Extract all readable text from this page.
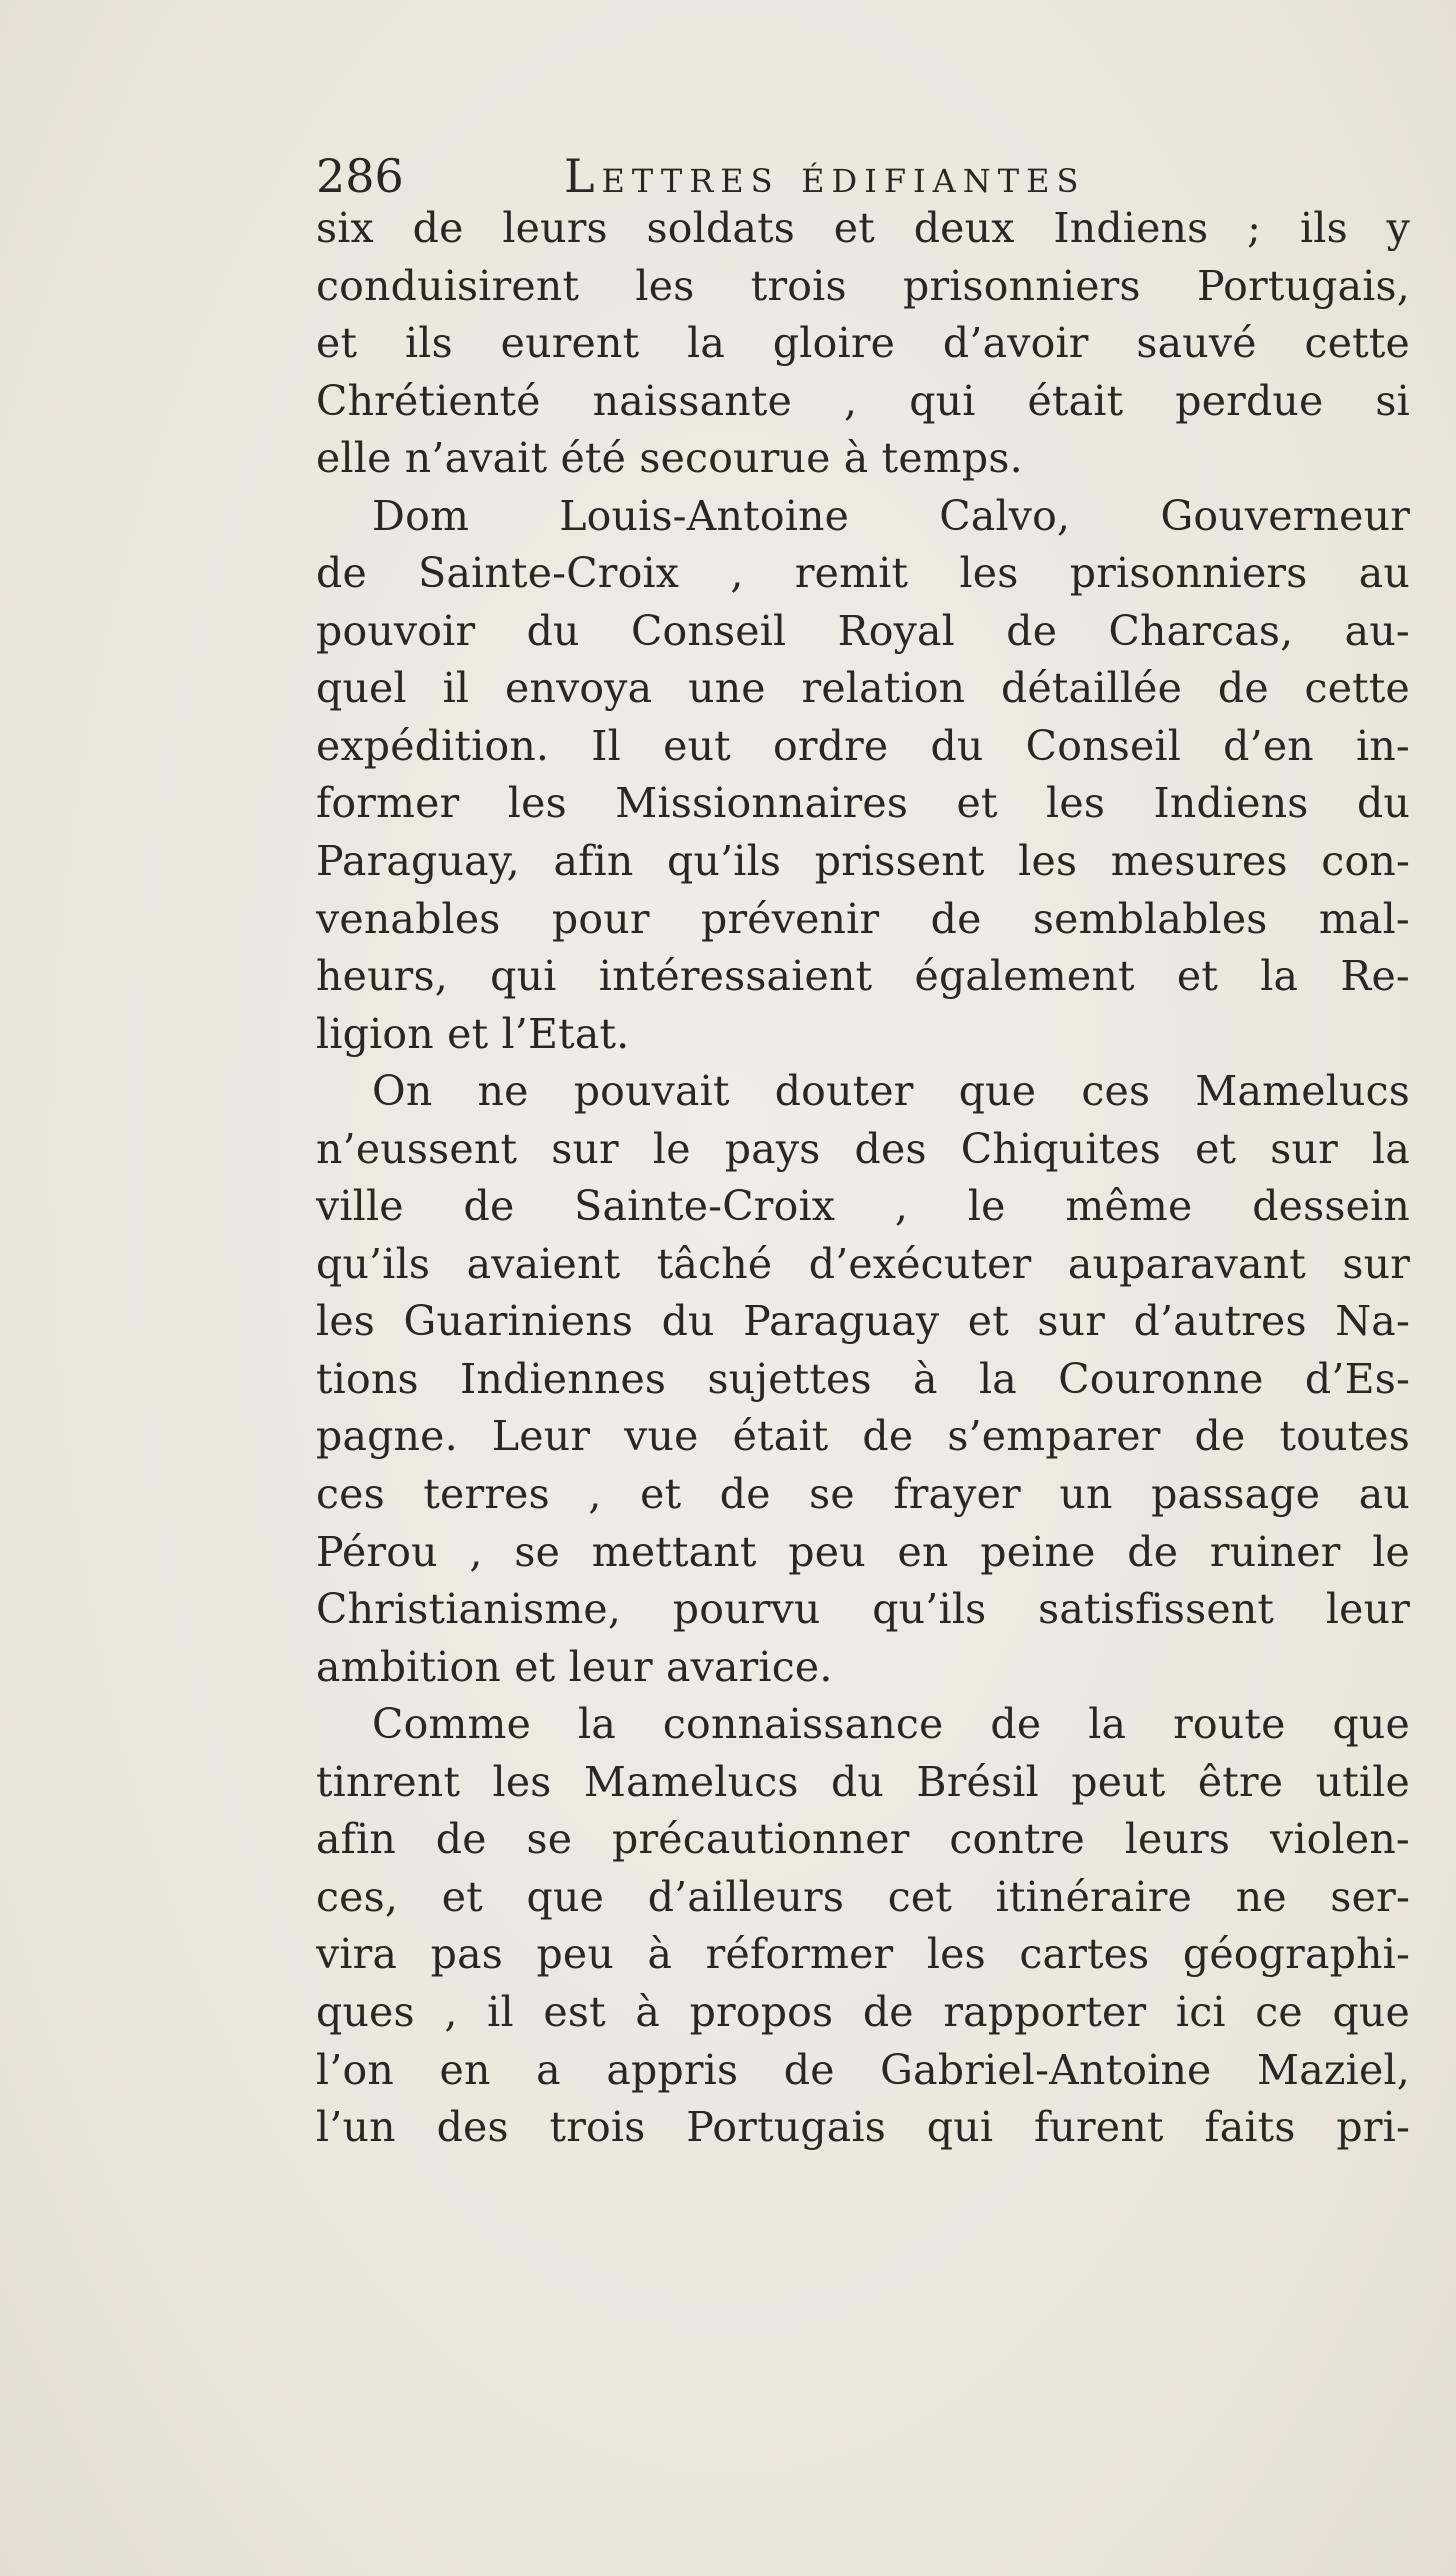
286	Lettres édifiantes
six de leurs soldats et deux Indiens ; ils y
conduisirent les trois prisonniers Portugais,
et ils eurent la gloire d’avoir sauvé cette
Chrétienté naissante , qui était perdue si
elle n’avait été secourue à temps.
Dom Louis-Antoine Calvo, Gouverneur
de Sainte-Croix , remit les prisonniers au
pouvoir du Conseil Royal de Charcas, au-
quel il envoya une relation détaillée de cette
expédition. Il eut ordre du Conseil d’en in-
former les Missionnaires et les Indiens du
Paraguay, afin qu’ils prissent les mesures con-
venables pour prévenir de semblables mal-
heurs, qui intéressaient également et la Re-
ligion et l’Etat.
On ne pouvait douter que ces Mamelucs
n’eussent sur le pays des Chiquites et sur la
ville de Sainte-Croix , le même dessein
qu’ils avaient tâché d’exécuter auparavant sur
les Guariniens du Paraguay et sur d’autres Na-
tions Indiennes sujettes à la Couronne d’Es-
pagne. Leur vue était de s’emparer de toutes
ces terres , et de se frayer un passage au
Pérou , se mettant peu en peine de ruiner le
Christianisme, pourvu qu’ils satisfissent leur
ambition et leur avarice.
Comme la connaissance de la route que
tinrent les Mamelucs du Brésil peut être utile
afin de se précautionner contre leurs violen-
ces, et que d’ailleurs cet itinéraire ne ser-
vira pas peu à réformer les cartes géographi-
ques , il est à propos de rapporter ici ce que
l’on en a appris de Gabriel-Antoine Maziel,
l’un des trois Portugais qui furent faits pri-
